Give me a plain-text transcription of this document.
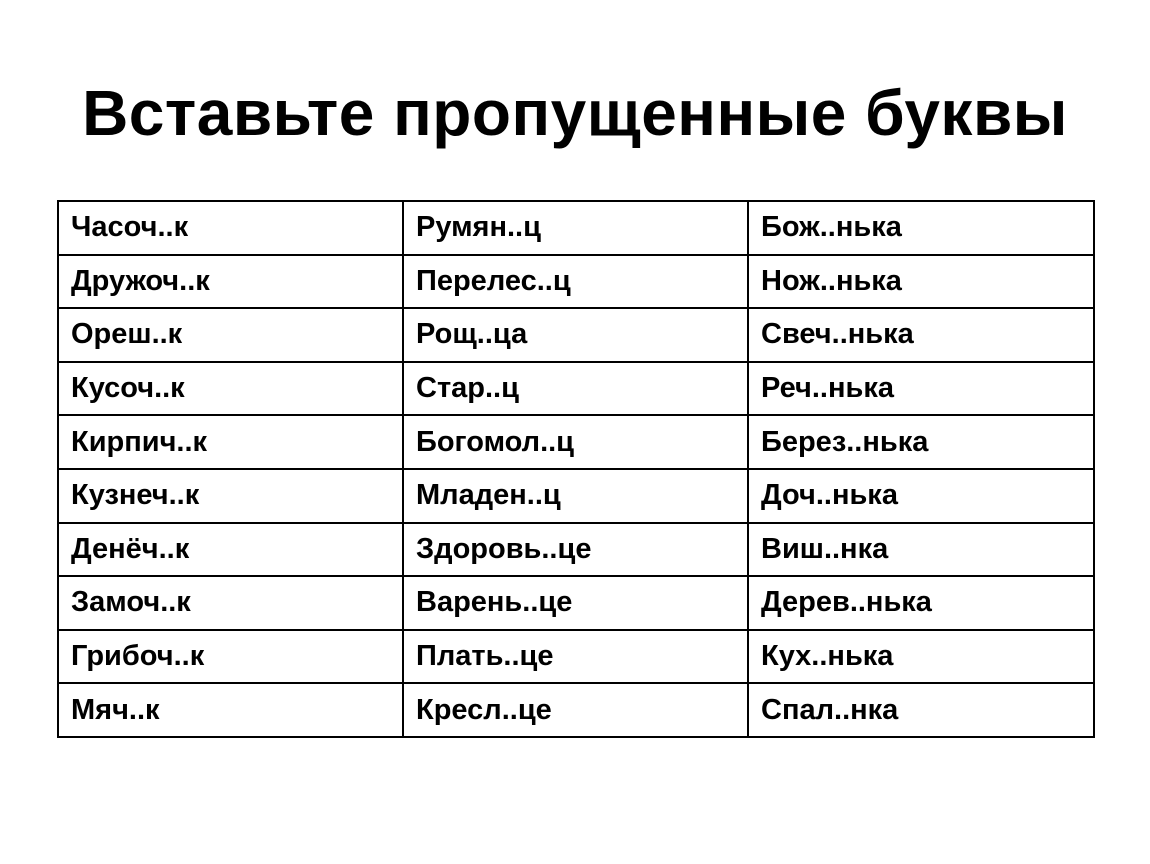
Вставьте пропущенные буквы
Часоч..к	Румян..ц	Бож..нька
Дружоч..к	Перелес..ц	Нож..нька
Ореш..к	Рощ..ца	Свеч..нька
Кусоч..к	Стар..ц	Реч..нька
Кирпич..к	Богомол..ц	Берез..нька
Кузнеч..к	Младен..ц	Доч..нька
Денёч..к	Здоровь..це	Виш..нка
Замоч..к	Варень..це	Дерев..нька
Грибоч..к	Плать..це	Кух..нька
Мяч..к	Кресл..це	Спал..нка
